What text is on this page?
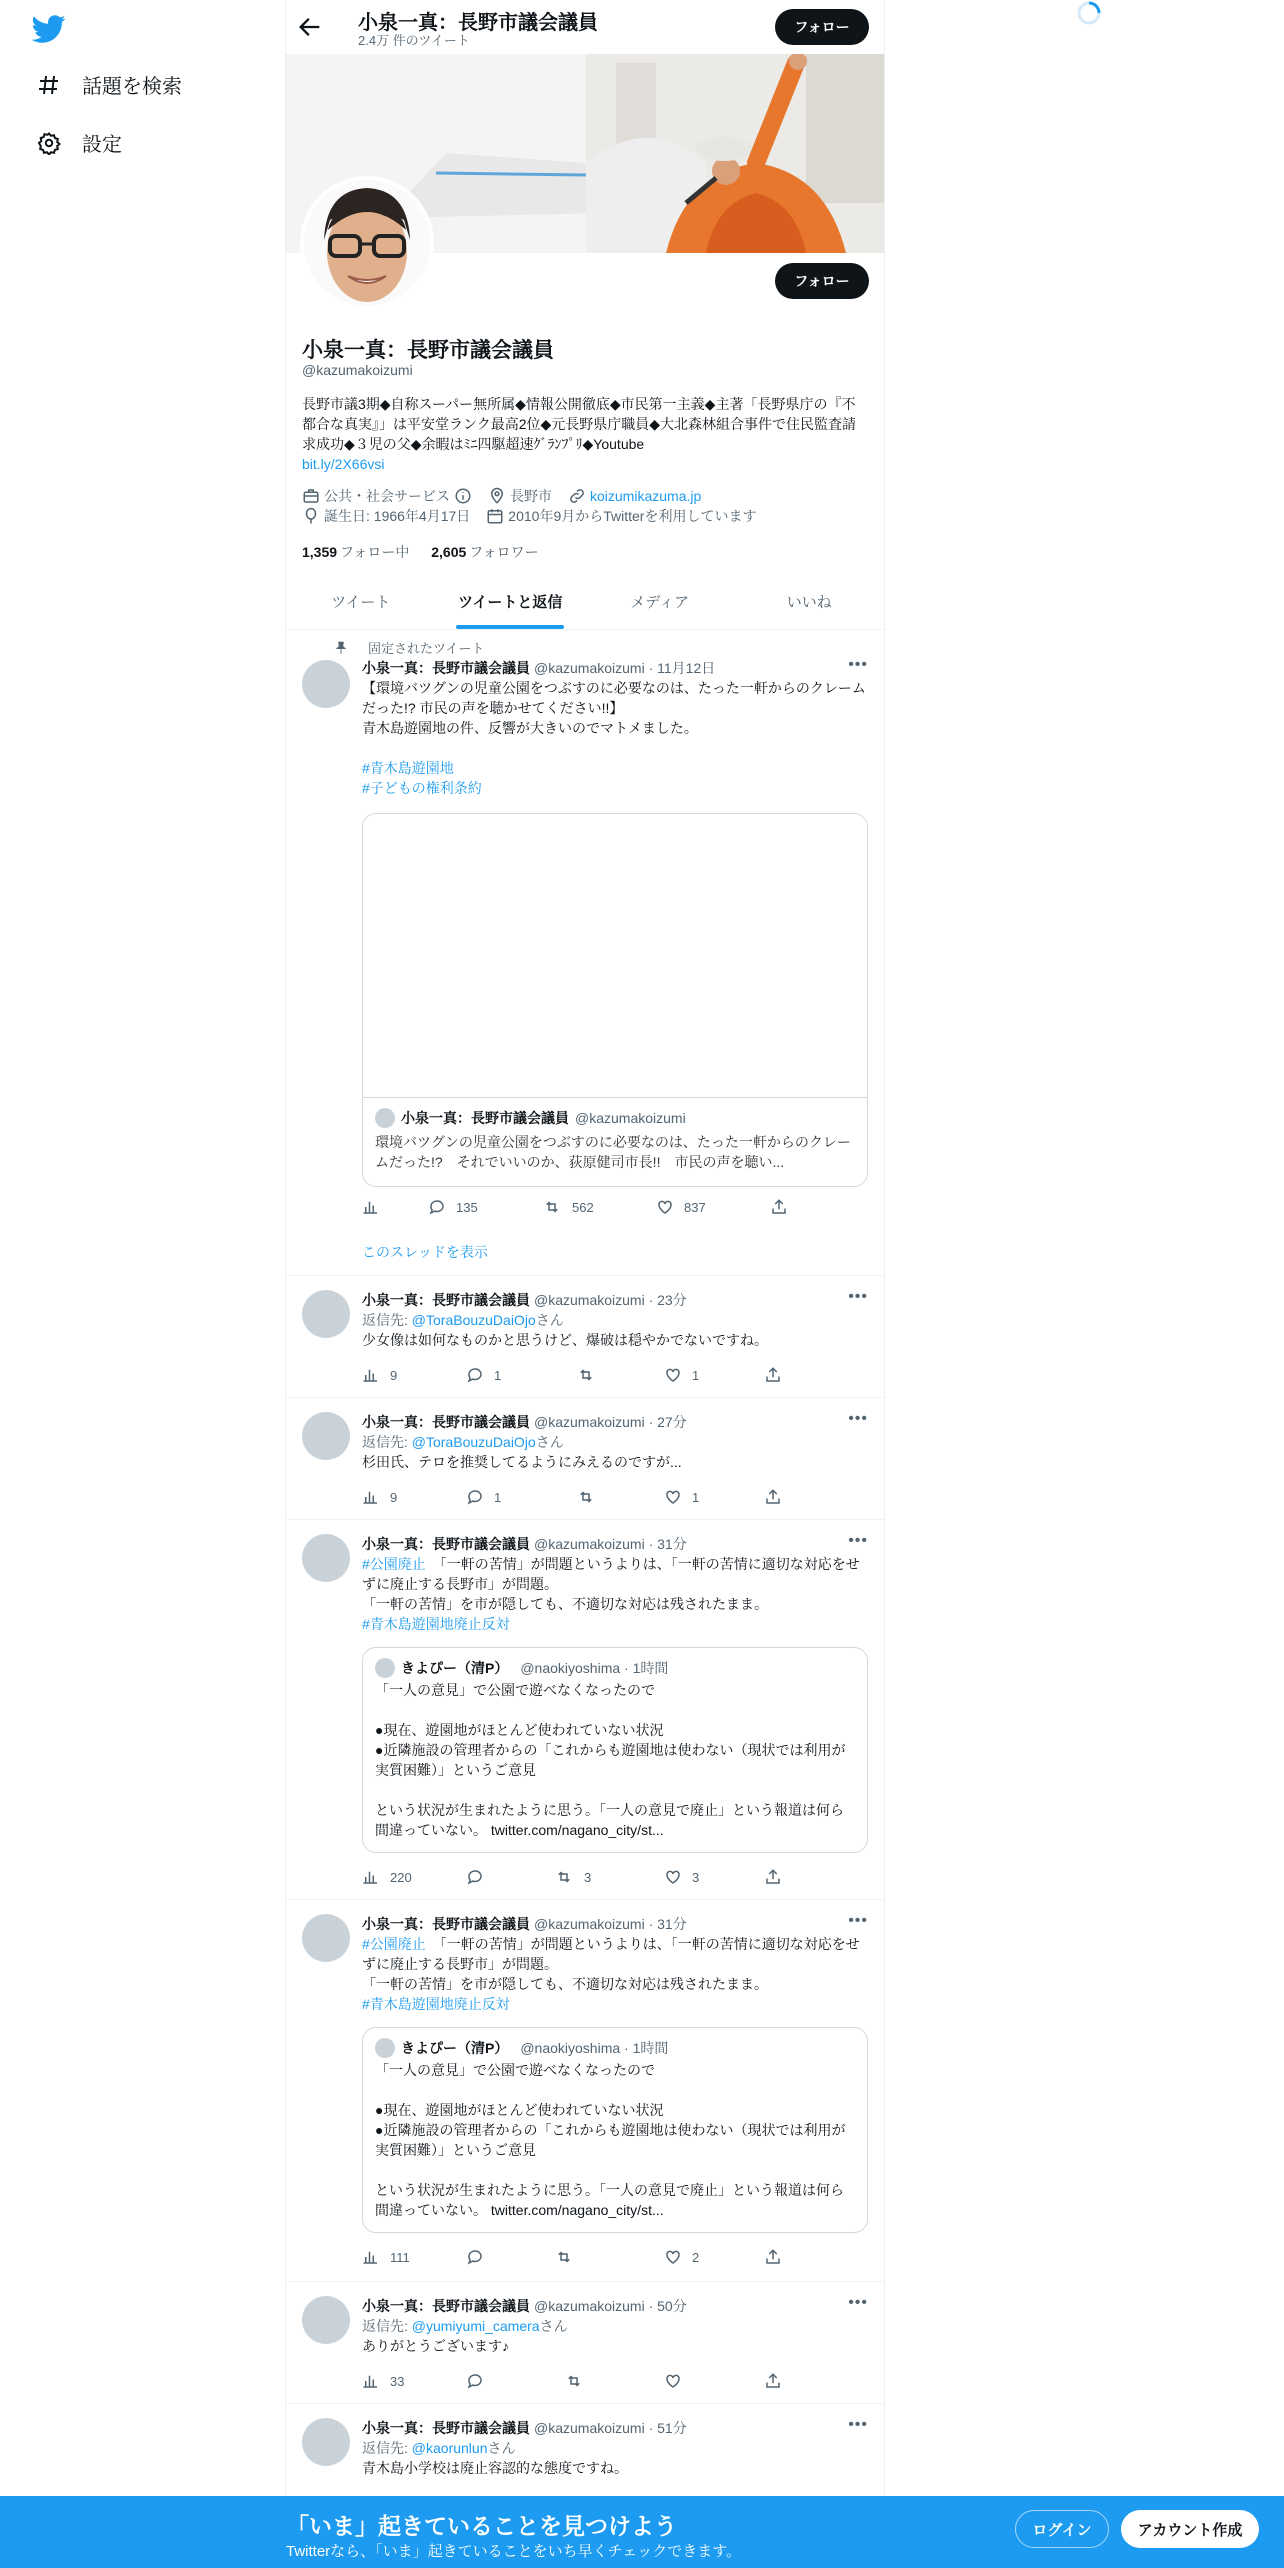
話題を検索
設定
小泉一真：長野市議会議員
2.4万 件のツイート
フォロー
フォロー
小泉一真：長野市議会議員
@kazumakoizumi
長野市議3期◆自称スーパー無所属◆情報公開徹底◆市民第一主義◆主著「長野県庁の『不都合な真実』」は平安堂ランク最高2位◆元長野県庁職員◆大北森林組合事件で住民監査請求成功◆３児の父◆余暇はﾐﾆ四駆超速ｸﾞﾗﾝﾌﾟﾘ◆Youtube
bit.ly/2X66vsi
公共・社会サービス	長野市	koizumikazuma.jp
誕生日: 1966年4月17日	2010年9月からTwitterを利用しています
1,359 フォロー中 2,605 フォロワー
ツイート	ツイートと返信	メディア	いいね
固定されたツイート
•••
小泉一真：長野市議会議員 @kazumakoizumi · 11月12日
【環境バツグンの児童公園をつぶすのに必要なのは、たった一軒からのクレームだった!? 市民の声を聴かせてください!!】
青木島遊園地の件、反響が大きいのでマトメました。
#青木島遊園地
#子どもの権利条約
小泉一真：長野市議会議員 @kazumakoizumi
環境バツグンの児童公園をつぶすのに必要なのは、たった一軒からのクレームだった!?　それでいいのか、荻原健司市長!!　市民の声を聴い...
135	562	837
このスレッドを表示
•••
小泉一真：長野市議会議員 @kazumakoizumi · 23分
返信先: @ToraBouzuDaiOjoさん
少女像は如何なものかと思うけど、爆破は穏やかでないですね。
9	1	1
•••
小泉一真：長野市議会議員 @kazumakoizumi · 27分
返信先: @ToraBouzuDaiOjoさん
杉田氏、テロを推奨してるようにみえるのですが...
9	1	1
•••
小泉一真：長野市議会議員 @kazumakoizumi · 31分
#公園廃止　「一軒の苦情」が問題というよりは、「一軒の苦情に適切な対応をせずに廃止する長野市」が問題。
「一軒の苦情」を市が隠しても、不適切な対応は残されたまま。
#青木島遊園地廃止反対
きよぴー（清P） @naokiyoshima · 1時間
「一人の意見」で公園で遊べなくなったので
●現在、遊園地がほとんど使われていない状況
●近隣施設の管理者からの「これからも遊園地は使わない（現状では利用が実質困難）」というご意見
という状況が生まれたように思う。「一人の意見で廃止」という報道は何ら間違っていない。 twitter.com/nagano_city/st...
220	3	3
•••
小泉一真：長野市議会議員 @kazumakoizumi · 31分
#公園廃止　「一軒の苦情」が問題というよりは、「一軒の苦情に適切な対応をせずに廃止する長野市」が問題。
「一軒の苦情」を市が隠しても、不適切な対応は残されたまま。
#青木島遊園地廃止反対
きよぴー（清P） @naokiyoshima · 1時間
「一人の意見」で公園で遊べなくなったので
●現在、遊園地がほとんど使われていない状況
●近隣施設の管理者からの「これからも遊園地は使わない（現状では利用が実質困難）」というご意見
という状況が生まれたように思う。「一人の意見で廃止」という報道は何ら間違っていない。 twitter.com/nagano_city/st...
111	2
•••
小泉一真：長野市議会議員 @kazumakoizumi · 50分
返信先: @yumiyumi_cameraさん
ありがとうございます♪
33
•••
小泉一真：長野市議会議員 @kazumakoizumi · 51分
返信先: @kaorunlunさん
青木島小学校は廃止容認的な態度ですね。
「いま」起きていることを見つけよう
Twitterなら、「いま」起きていることをいち早くチェックできます。
ログイン	アカウント作成
